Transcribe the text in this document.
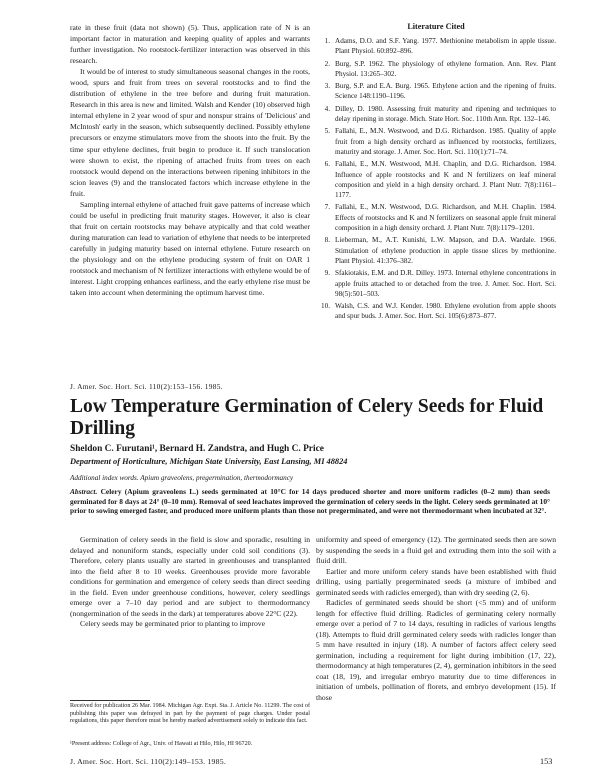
rate in these fruit (data not shown) (5). Thus, application rate of N is an important factor in maturation and keeping quality of apples and warrants further investigation. No rootstock-fertilizer interaction was observed in this research.

It would be of interest to study simultaneous seasonal changes in the roots, wood, spurs and fruit from trees on several rootstocks and to find the distribution of ethylene in the tree before and during fruit maturation. Research in this area is new and limited. Walsh and Kender (10) observed high internal ethylene in 2 year wood of spur and nonspur strains of 'Delicious' and McIntosh' early in the season, which subsequently declined. Possibly ethylene precursors or enzyme stimulators move from the shoots into the fruit. By the time spur ethylene declines, fruit begin to produce it. If such translocation were shown to exist, the ripening of attached fruits from trees on each rootstock would depend on the interactions between ripening inhibitors in the scion leaves (9) and the translocated factors which increase ethylene in the fruit.

Sampling internal ethylene of attached fruit gave patterns of increase which could be useful in predicting fruit maturity stages. However, it also is clear that fruit on certain rootstocks may behave atypically and that cold weather during maturation can lead to variation of ethylene that needs to be interpreted carefully in judging maturity based on internal ethylene. Future research on the physiology and on the ethylene producing system of fruit on OAR 1 rootstock and mechanism of N fertilizer interactions with ethylene would be of interest. Light cropping enhances earliness, and the early ethylene rise must be taken into account when determining the optimum harvest time.

Literature Cited
1. Adams, D.O. and S.F. Yang. 1977. Methionine metabolism in apple tissue. Plant Physiol. 60:892–896.
2. Burg, S.P. 1962. The physiology of ethylene formation. Ann. Rev. Plant Physiol. 13:265–302.
3. Burg, S.P. and E.A. Burg. 1965. Ethylene action and the ripening of fruits. Science 148:1190–1196.
4. Dilley, D. 1980. Assessing fruit maturity and ripening and techniques to delay ripening in storage. Mich. State Hort. Soc. 110th Ann. Rpt. 132–146.
5. Fallahi, E., M.N. Westwood, and D.G. Richardson. 1985. Quality of apple fruit from a high density orchard as influenced by rootstocks, fertilizers, maturity and storage. J. Amer. Soc. Hort. Sci. 110(1):71–74.
6. Fallahi, E., M.N. Westwood, M.H. Chaplin, and D.G. Richardson. 1984. Influence of apple rootstocks and K and N fertilizers on leaf mineral composition and yield in a high density orchard. J. Plant Nutr. 7(8):1161–1177.
7. Fallahi, E., M.N. Westwood, D.G. Richardson, and M.H. Chaplin. 1984. Effects of rootstocks and K and N fertilizers on seasonal apple fruit mineral composition in a high density orchard. J. Plant Nutr. 7(8):1179–1201.
8. Lieberman, M., A.T. Kunishi, L.W. Mapson, and D.A. Wardale. 1966. Stimulation of ethylene production in apple tissue slices by methionine. Plant Physiol. 41:376–382.
9. Sfakiotakis, E.M. and D.R. Dilley. 1973. Internal ethylene concentrations in apple fruits attached to or detached from the tree. J. Amer. Soc. Hort. Sci. 98(5):501–503.
10. Walsh, C.S. and W.J. Kender. 1980. Ethylene evolution from apple shoots and spur buds. J. Amer. Soc. Hort. Sci. 105(6):873–877.
J. Amer. Soc. Hort. Sci. 110(2):153–156. 1985.
Low Temperature Germination of Celery Seeds for Fluid Drilling
Sheldon C. Furutani¹, Bernard H. Zandstra, and Hugh C. Price
Department of Horticulture, Michigan State University, East Lansing, MI 48824
Additional index words. Apium graveolens, pregermination, thermodormancy

Abstract. Celery (Apium graveolens L.) seeds germinated at 10°C for 14 days produced shorter and more uniform radicles (0–2 mm) than seeds germinated for 8 days at 24° (0–10 mm). Removal of seed leachates improved the germination of celery seeds in the light. Celery seeds germinated at 10° prior to sowing emerged faster, and produced more uniform plants than those not pregerminated, and were not thermodormant when incubated at 32°.

Germination of celery seeds in the field is slow and sporadic, resulting in delayed and nonuniform stands, especially under cold soil conditions (3). Therefore, celery plants usually are started in greenhouses and transplanted into the field after 8 to 10 weeks. Greenhouses provide more favorable conditions for germination and emergence of celery seeds than direct seeding in the field. Even under greenhouse conditions, however, celery seedlings emerge over a 7–10 day period and are subject to thermodormancy (nongermination of the seeds in the dark) at temperatures above 22°C (22).

Celery seeds may be germinated prior to planting to improve

uniformity and speed of emergency (12). The germinated seeds then are sown by suspending the seeds in a fluid gel and extruding them into the soil with a fluid drill.

Earlier and more uniform celery stands have been established with fluid drilling, using partially pregerminated seeds (a mixture of imbibed and germinated seeds with radicles emerged), than with dry seeding (2, 6).

Radicles of germinated seeds should be short (<5 mm) and of uniform length for effective fluid drilling. Radicles of germinating celery normally emerge over a period of 7 to 14 days, resulting in radicles of various lengths (18). Attempts to fluid drill germinated celery seeds with radicles longer than 5 mm have resulted in injury (18). A number of factors affect celery seed germination, including a requirement for light during imbibition (17, 22), thermodormancy at high temperatures (2, 4), germination inhibitors in the seed coat (18, 19), and irregular embryo maturity due to time differences in initiation of umbels, pollination of florets, and embryo development (15). If those

Received for publication 26 Mar. 1984. Michigan Agr. Expt. Sta. J. Article No. 11299. The cost of publishing this paper was defrayed in part by the payment of page charges. Under postal regulations, this paper therefore must be hereby marked advertisement solely to indicate this fact.

¹Present address: College of Agr., Univ. of Hawaii at Hilo, Hilo, HI 96720.

J. Amer. Soc. Hort. Sci. 110(2):149–153. 1985.	153
